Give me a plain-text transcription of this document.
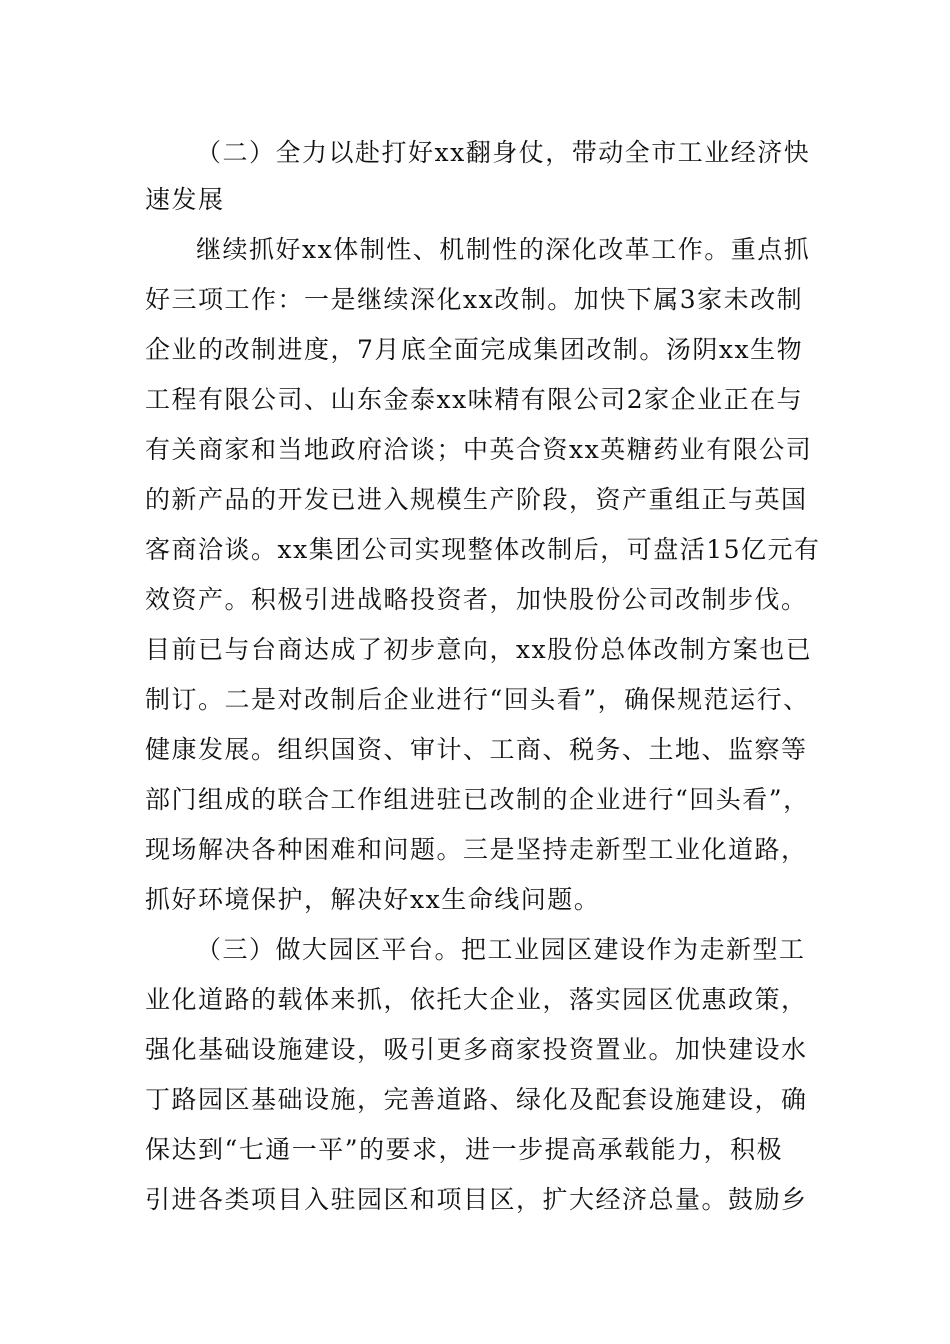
（二）全力以赴打好xx翻身仗，带动全市工业经济快
速发展
继续抓好xx体制性、机制性的深化改革工作。重点抓
好三项工作：一是继续深化xx改制。加快下属3家未改制
企业的改制进度，7月底全面完成集团改制。汤阴xx生物
工程有限公司、山东金泰xx味精有限公司2家企业正在与
有关商家和当地政府洽谈；中英合资xx英糖药业有限公司
的新产品的开发已进入规模生产阶段，资产重组正与英国
客商洽谈。xx集团公司实现整体改制后，可盘活15亿元有
效资产。积极引进战略投资者，加快股份公司改制步伐。
目前已与台商达成了初步意向，xx股份总体改制方案也已
制订。二是对改制后企业进行“回头看”，确保规范运行、
健康发展。组织国资、审计、工商、税务、土地、监察等
部门组成的联合工作组进驻已改制的企业进行“回头看”，
现场解决各种困难和问题。三是坚持走新型工业化道路，
抓好环境保护，解决好xx生命线问题。
（三）做大园区平台。把工业园区建设作为走新型工
业化道路的载体来抓，依托大企业，落实园区优惠政策，
强化基础设施建设，吸引更多商家投资置业。加快建设水
丁路园区基础设施，完善道路、绿化及配套设施建设，确
保达到“七通一平”的要求，进一步提高承载能力，积极
引进各类项目入驻园区和项目区，扩大经济总量。鼓励乡
